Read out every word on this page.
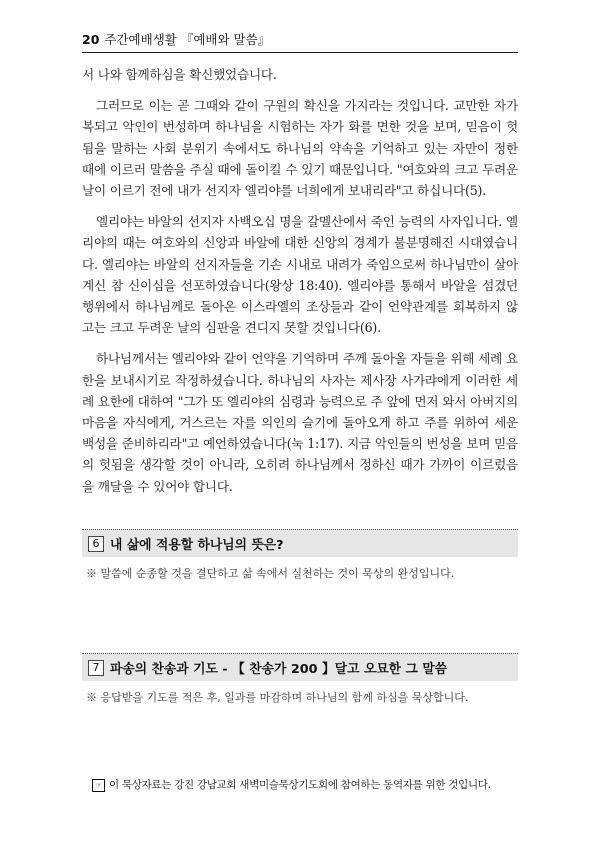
20 주간예배생활 『예배와 말씀』

서 나와 함께하심을 확신했었습니다.

그러므로 이는 곧 그때와 같이 구원의 확신을 가지라는 것입니다. 교만한 자가 복되고 악인이 번성하며 하나님을 시험하는 자가 화를 면한 것을 보며, 믿음이 헛됨을 말하는 사회 분위기 속에서도 하나님의 약속을 기억하고 있는 자만이 정한 때에 이르러 말씀을 주실 때에 돌이킬 수 있기 때문입니다. "여호와의 크고 두려운 날이 이르기 전에 내가 선지자 엘리야를 너희에게 보내리라"고 하십니다(5).

엘리야는 바알의 선지자 사백오십 명을 갈멜산에서 죽인 능력의 사자입니다. 엘리야의 때는 여호와의 신앙과 바알에 대한 신앙의 경계가 불분명해진 시대였습니다. 엘리야는 바알의 선지자들을 기손 시내로 내려가 죽임으로써 하나님만이 살아계신 참 신이심을 선포하였습니다(왕상 18:40). 엘리야를 통해서 바알을 섬겼던 행위에서 하나님께로 돌아온 이스라엘의 조상들과 같이 언약관계를 회복하지 않고는 크고 두려운 날의 심판을 견디지 못할 것입니다(6).

하나님께서는 엘리야와 같이 언약을 기억하며 주께 돌아올 자들을 위해 세례 요한을 보내시기로 작정하셨습니다. 하나님의 사자는 제사장 사가랴에게 이러한 세례 요한에 대하여 "그가 또 엘리야의 심령과 능력으로 주 앞에 먼저 와서 아버지의 마음을 자식에게, 거스르는 자를 의인의 슬기에 돌아오게 하고 주를 위하여 세운 백성을 준비하리라"고 예언하였습니다(눅 1:17). 지금 악인들의 번성을 보며 믿음의 헛됨을 생각할 것이 아니라, 오히려 하나님께서 정하신 때가 가까이 이르렀음을 깨달을 수 있어야 합니다.

6 내 삶에 적용할 하나님의 뜻은?
※ 말씀에 순종할 것을 결단하고 삶 속에서 실천하는 것이 묵상의 완성입니다.
7 파송의 찬송과 기도 - 【 찬송가 200 】달고 오묘한 그 말씀
※ 응답받을 기도를 적은 후, 일과를 마감하며 하나님의 함께 하심을 묵상합니다.
☞ 이 묵상자료는 강진 강남교회 새벽미슬묵상기도회에 참여하는 동역자를 위한 것입니다.
